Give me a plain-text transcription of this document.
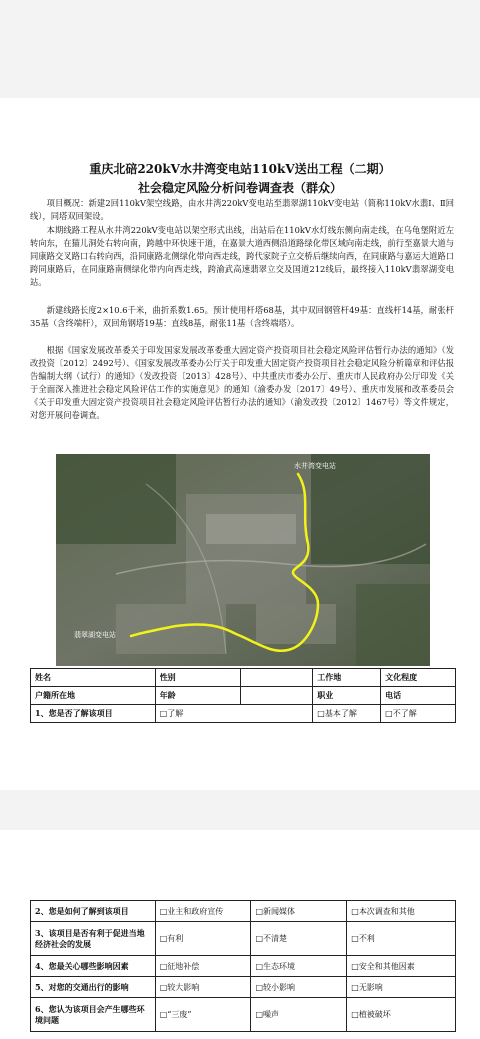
重庆北碚220kV水井湾变电站110kV送出工程（二期）
社会稳定风险分析问卷调查表（群众）

项目概况：新建2回110kV架空线路，由水井湾220kV变电站至翡翠湖110kV变电站（简称110kV水翡Ⅰ、Ⅱ回线），同塔双回架设。

本期线路工程从水井湾220kV变电站以架空形式出线，出站后在110kV水灯线东侧向南走线，在乌龟堡附近左转向东，在猫儿洞处右转向南，跨越中环快速干道，在嘉景大道西侧沿道路绿化带区域向南走线，前行至嘉景大道与同康路交叉路口右转向西，沿同康路北侧绿化带向西走线，跨代家院子立交桥后继续向西，在同康路与嘉运大道路口跨同康路后，在同康路南侧绿化带内向西走线，跨渝武高速翡翠立交及国道212线后，最终接入110kV翡翠湖变电站。

新建线路长度2×10.6千米，曲折系数1.65。预计使用杆塔68基，其中双回钢管杆49基：直线杆14基，耐张杆35基（含终端杆），双回角钢塔19基：直线8基，耐张11基（含终端塔）。

根据《国家发展改革委关于印发国家发展改革委重大固定资产投资项目社会稳定风险评估暂行办法的通知》（发改投资〔2012〕2492号）、《国家发展改革委办公厅关于印发重大固定资产投资项目社会稳定风险分析篇章和评估报告编制大纲（试行）的通知》（发改投资〔2013〕428号）、中共重庆市委办公厅、重庆市人民政府办公厅印发《关于全面深入推进社会稳定风险评估工作的实施意见》的通知（渝委办发〔2017〕49号）、重庆市发展和改革委员会《关于印发重大固定资产投资项目社会稳定风险评估暂行办法的通知》（渝发改投〔2012〕1467号）等文件规定，对您开展问卷调查。

水井湾变电站
翡翠湖变电站
姓名	性别		工作地	文化程度
户籍所在地	年龄		职业	电话
1、您是否了解该项目	□了解	□基本了解	□不了解
2、您是如何了解到该项目	□业主和政府宣传	□新闻媒体	□本次调查和其他
3、该项目是否有利于促进当地经济社会的发展	□有利	□不清楚	□不利
4、您最关心哪些影响因素	□征地补偿	□生态环境	□安全和其他因素
5、对您的交通出行的影响	□较大影响	□较小影响	□无影响
6、您认为该项目会产生哪些环境问题	□“三废”	□噪声	□植被破坏
